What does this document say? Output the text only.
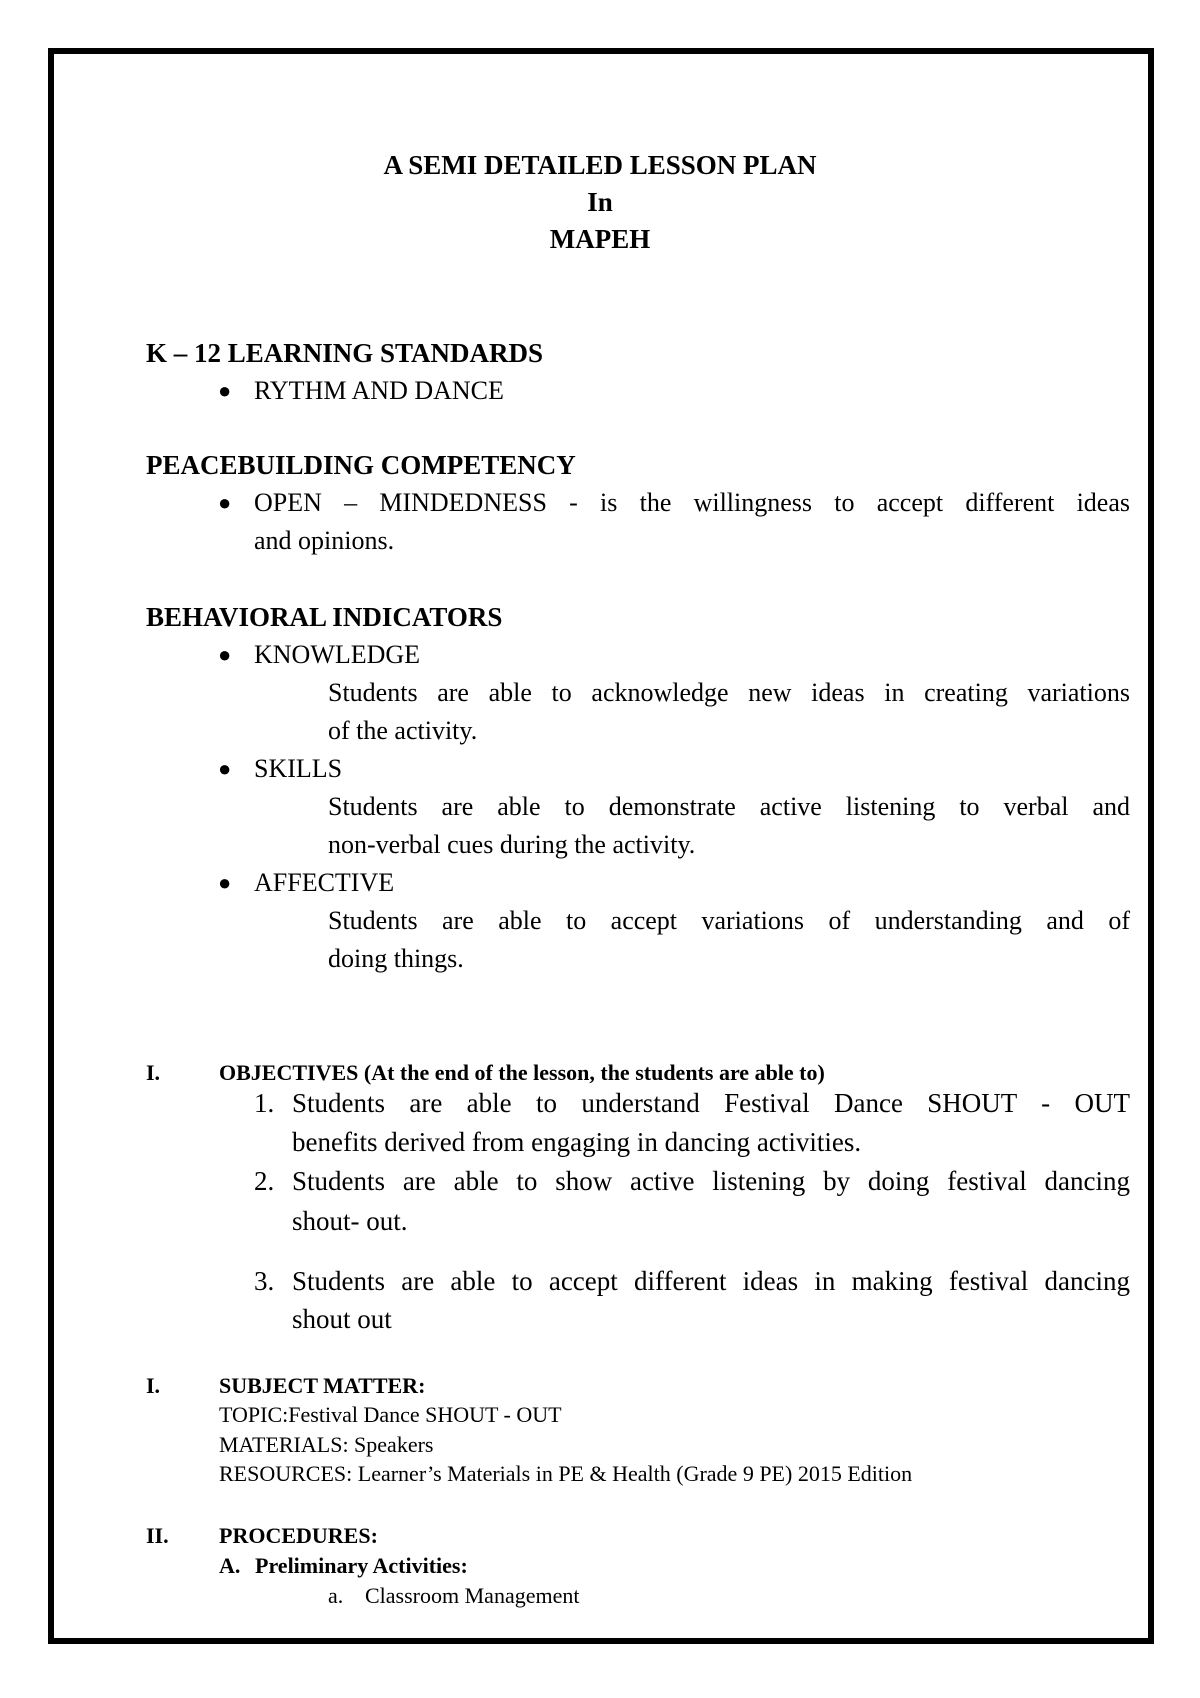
A SEMI DETAILED LESSON PLAN
In
MAPEH
K – 12 LEARNING STANDARDS
● RYTHM AND DANCE
PEACEBUILDING COMPETENCY
● OPEN – MINDEDNESS - is the willingness to accept different ideas
and opinions.
BEHAVIORAL INDICATORS
● KNOWLEDGE
Students are able to acknowledge new ideas in creating variations
of the activity.
● SKILLS
Students are able to demonstrate active listening to verbal and
non-verbal cues during the activity.
● AFFECTIVE
Students are able to accept variations of understanding and of
doing things.
I.	OBJECTIVES (At the end of the lesson, the students are able to)
1. Students are able to understand Festival Dance SHOUT - OUT
benefits derived from engaging in dancing activities.
2. Students are able to show active listening by doing festival dancing
shout- out.
3. Students are able to accept different ideas in making festival dancing
shout out
I.	SUBJECT MATTER:
TOPIC:Festival Dance SHOUT - OUT
MATERIALS: Speakers
RESOURCES: Learner’s Materials in PE & Health (Grade 9 PE) 2015 Edition
II. PROCEDURES:
A. Preliminary Activities:
a. Classroom Management
